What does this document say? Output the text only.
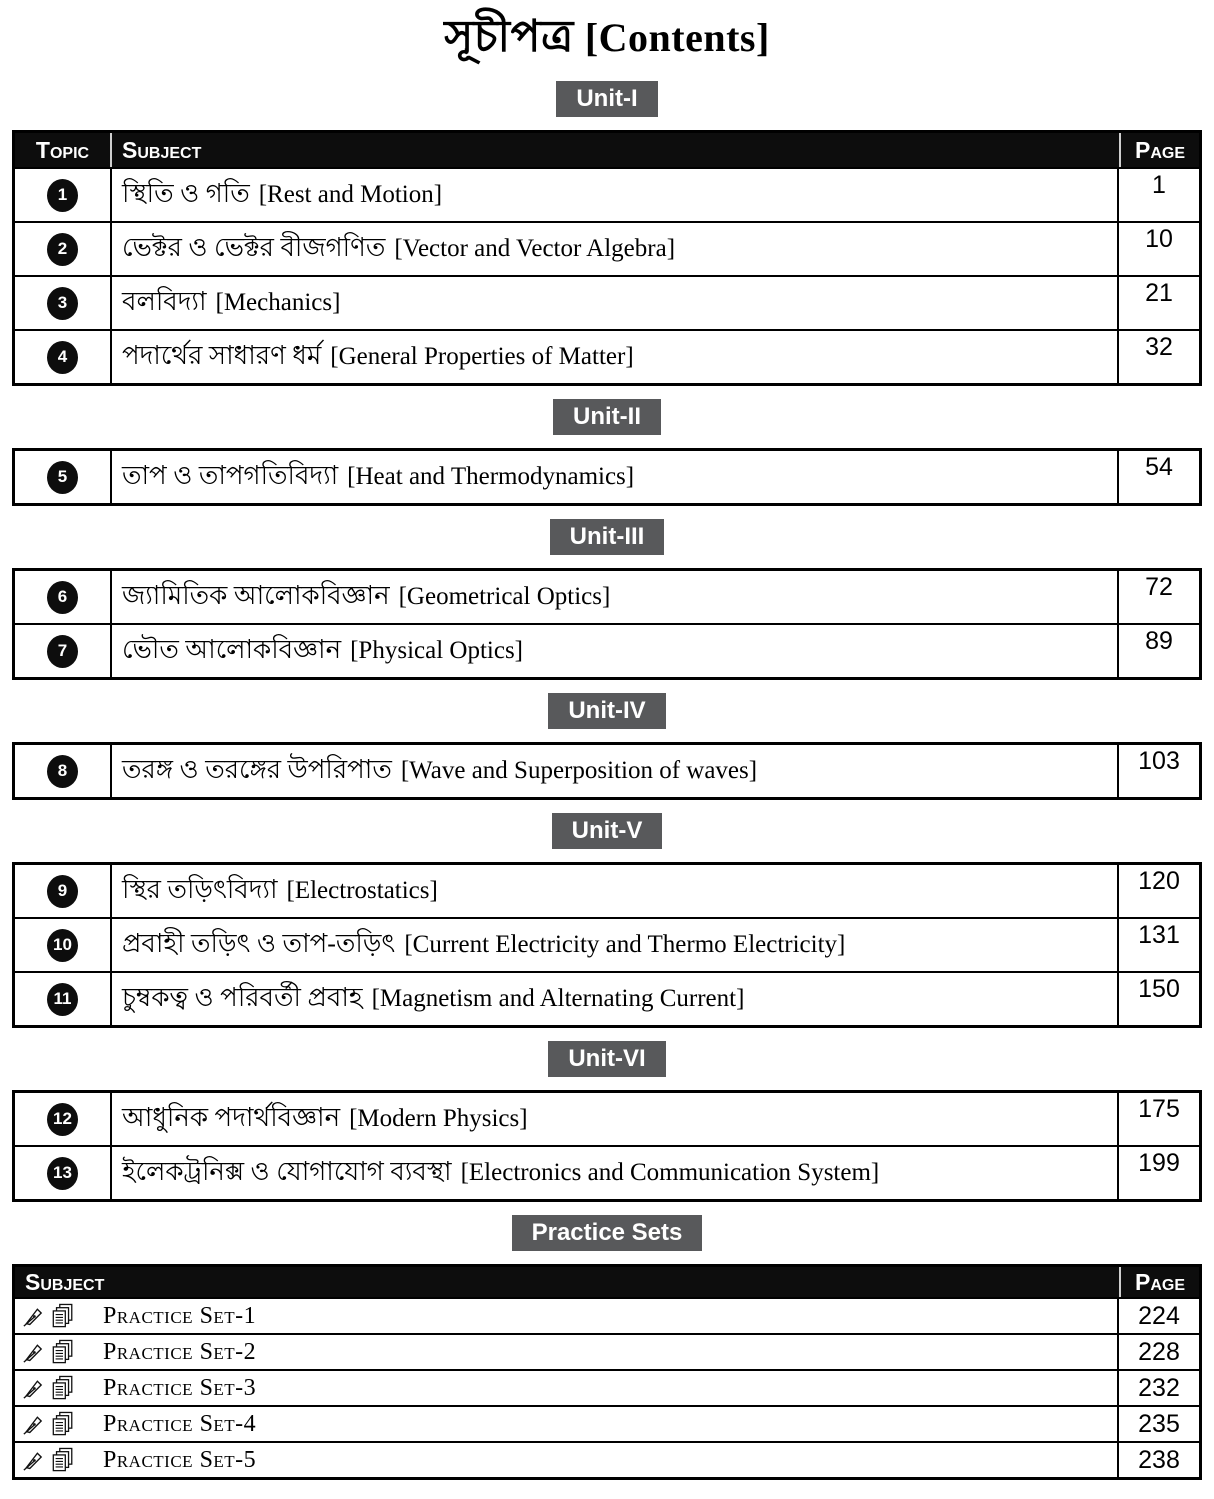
সূচীপত্র [Contents]
Unit-I
Topic	Subject	Page
1	স্থিতি ও গতি [Rest and Motion]	1
2	ভেক্টর ও ভেক্টর বীজগণিত [Vector and Vector Algebra]	10
3	বলবিদ্যা [Mechanics]	21
4	পদার্থের সাধারণ ধর্ম [General Properties of Matter]	32
Unit-II
5	তাপ ও তাপগতিবিদ্যা [Heat and Thermodynamics]	54
Unit-III
6	জ্যামিতিক আলোকবিজ্ঞান [Geometrical Optics]	72
7	ভৌত আলোকবিজ্ঞান [Physical Optics]	89
Unit-IV
8	তরঙ্গ ও তরঙ্গের উপরিপাত [Wave and Superposition of waves]	103
Unit-V
9	স্থির তড়িৎবিদ্যা [Electrostatics]	120
10 প্রবাহী তড়িৎ ও তাপ-তড়িৎ [Current Electricity and Thermo Electricity]	131
11 চুম্বকত্ব ও পরিবর্তী প্রবাহ [Magnetism and Alternating Current]	150
Unit-VI
12 আধুনিক পদার্থবিজ্ঞান [Modern Physics]	175
13 ইলেকট্রনিক্স ও যোগাযোগ ব্যবস্থা [Electronics and Communication System]	199
Practice Sets
Subject	Page
Practice Set-1	224
Practice Set-2	228
Practice Set-3	232
Practice Set-4	235
Practice Set-5	238
